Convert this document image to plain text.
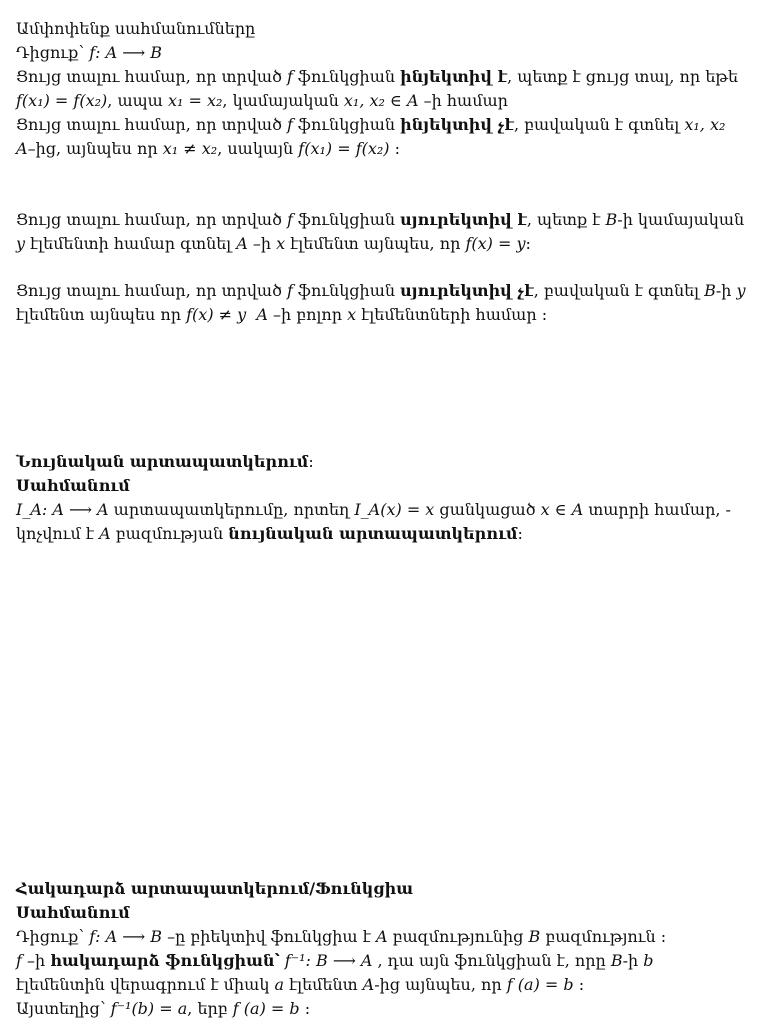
Ամփոփենք սահմանումները
Դիցուք՝ f: A ⟶ B
Ցույց տալու համար, որ տրված f ֆունկցիան ինյեկտիվ է, պետք է ցույց տալ, որ եթե
f(x₁) = f(x₂), ապա x₁ = x₂, կամայական x₁, x₂ ∈ A –ի համար
Ցույց տալու համար, որ տրված f ֆունկցիան ինյեկտիվ չէ, բավական է գտնել x₁, x₂
A–ից, այնպես որ x₁ ≠ x₂, սակայն f(x₁) = f(x₂) :
Ցույց տալու համար, որ տրված f ֆունկցիան սյուրեկտիվ է, պետք է B-ի կամայական
y էլեմենտի համար գտնել A –ի x էլեմենտ այնպես, որ f(x) = y:
Ցույց տալու համար, որ տրված f ֆունկցիան սյուրեկտիվ չէ, բավական է գտնել B-ի y
էլեմենտ այնպես որ f(x) ≠ y A –ի բոլոր x էլեմենտների համար :
Նույնական արտապատկերում:
Սահմանում
I_A: A ⟶ A արտապատկերումը, որտեղ I_A(x) = x ցանկացած x ∈ A տարրի համար, -
կոչվում է A բազմության նույնական արտապատկերում:
Հակադարձ արտապատկերում/Ֆունկցիա
Սահմանում
Դիցուք՝ f: A ⟶ B –ը բիեկտիվ ֆունկցիա է A բազմությունից B բազմություն :
f –ի հակադարձ ֆունկցիան՝ f⁻¹: B ⟶ A , դա այն ֆունկցիան է, որը B-ի b
էլեմենտին վերագրում է միակ a էլեմենտ A-ից այնպես, որ f (a) = b :
Այստեղից՝ f⁻¹(b) = a, երբ f (a) = b :
